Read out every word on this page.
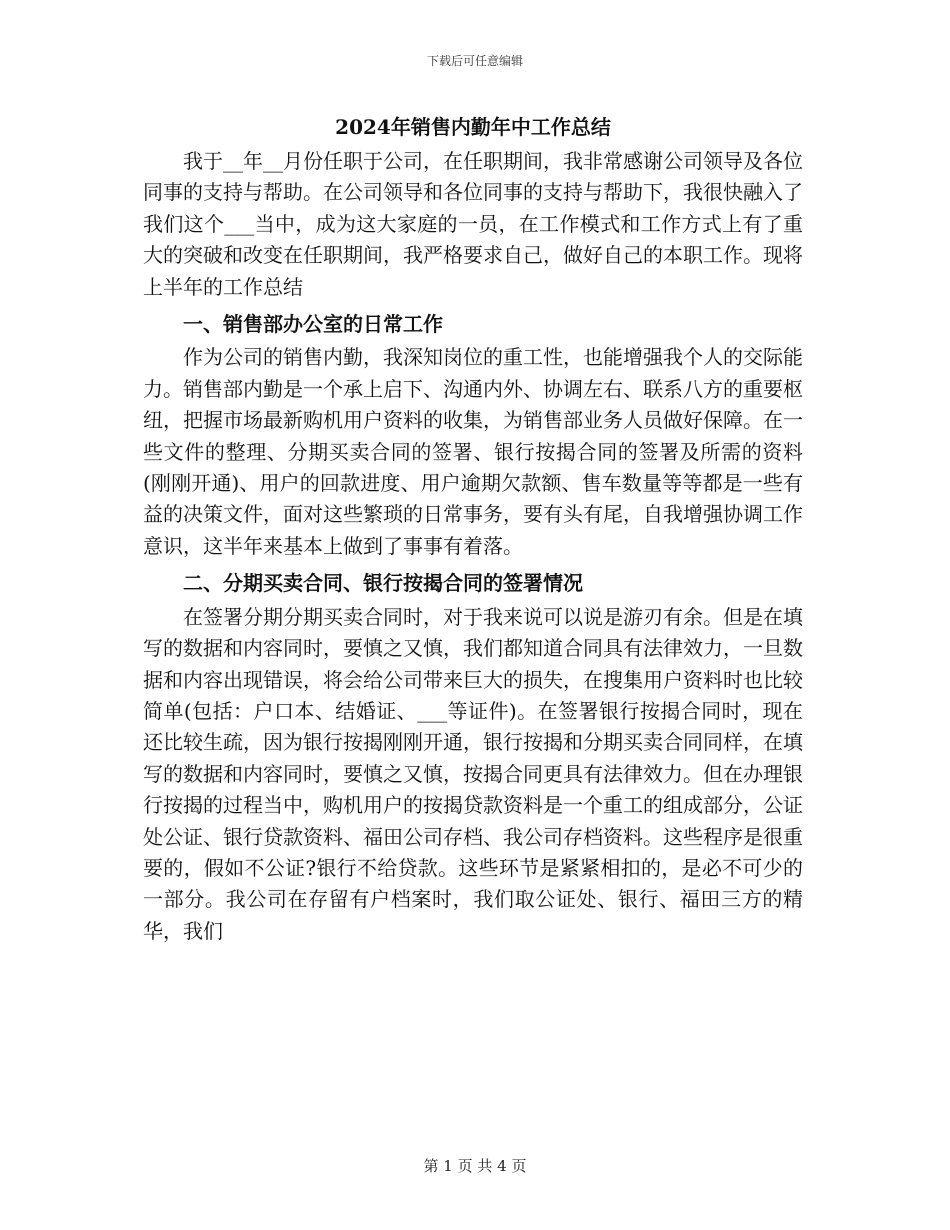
下载后可任意编辑
2024年销售内勤年中工作总结

我于__年__月份任职于公司，在任职期间，我非常感谢公司领导及各位同事的支持与帮助。在公司领导和各位同事的支持与帮助下，我很快融入了我们这个___当中，成为这大家庭的一员，在工作模式和工作方式上有了重大的突破和改变在任职期间，我严格要求自己，做好自己的本职工作。现将上半年的工作总结

一、销售部办公室的日常工作

作为公司的销售内勤，我深知岗位的重工性，也能增强我个人的交际能力。销售部内勤是一个承上启下、沟通内外、协调左右、联系八方的重要枢纽，把握市场最新购机用户资料的收集，为销售部业务人员做好保障。在一些文件的整理、分期买卖合同的签署、银行按揭合同的签署及所需的资料(刚刚开通)、用户的回款进度、用户逾期欠款额、售车数量等等都是一些有益的决策文件，面对这些繁琐的日常事务，要有头有尾，自我增强协调工作意识，这半年来基本上做到了事事有着落。

二、分期买卖合同、银行按揭合同的签署情况

在签署分期分期买卖合同时，对于我来说可以说是游刃有余。但是在填写的数据和内容同时，要慎之又慎，我们都知道合同具有法律效力，一旦数据和内容出现错误，将会给公司带来巨大的损失，在搜集用户资料时也比较简单(包括：户口本、结婚证、___等证件)。在签署银行按揭合同时，现在还比较生疏，因为银行按揭刚刚开通，银行按揭和分期买卖合同同样，在填写的数据和内容同时，要慎之又慎，按揭合同更具有法律效力。但在办理银行按揭的过程当中，购机用户的按揭贷款资料是一个重工的组成部分，公证处公证、银行贷款资料、福田公司存档、我公司存档资料。这些程序是很重要的，假如不公证?银行不给贷款。这些环节是紧紧相扣的，是必不可少的一部分。我公司在存留有户档案时，我们取公证处、银行、福田三方的精华，我们

第 1 页 共 4 页
